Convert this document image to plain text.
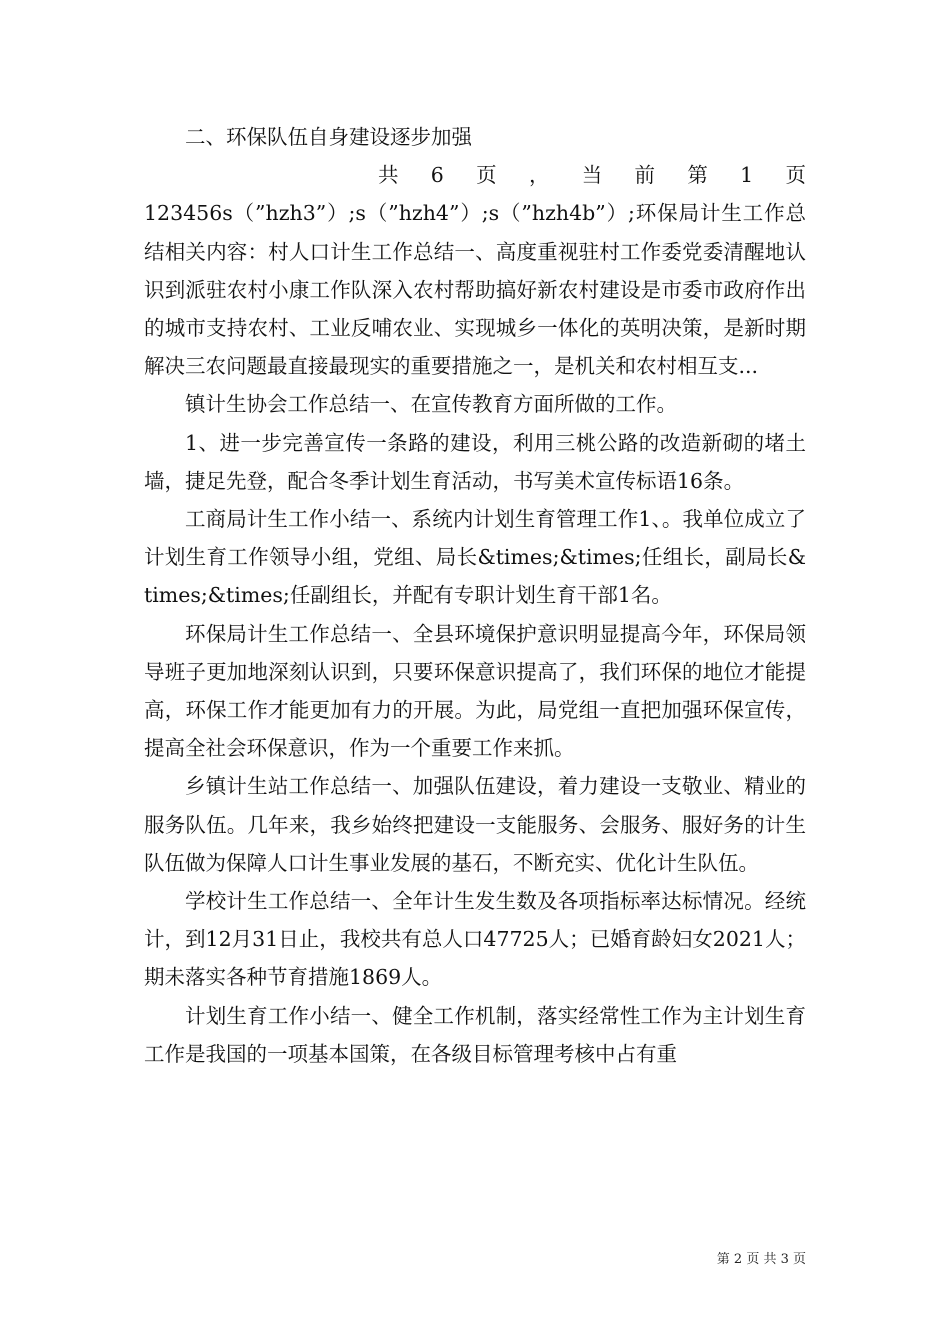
二、环保队伍自身建设逐步加强

共 6 页 ， 当 前 第 1 页

123456s（”hzh3”）;s（”hzh4”）;s（”hzh4b”）;环保局计生工作总结相关内容：村人口计生工作总结一、高度重视驻村工作委党委清醒地认识到派驻农村小康工作队深入农村帮助搞好新农村建设是市委市政府作出的城市支持农村、工业反哺农业、实现城乡一体化的英明决策，是新时期解决三农问题最直接最现实的重要措施之一，是机关和农村相互支...

镇计生协会工作总结一、在宣传教育方面所做的工作。

1、进一步完善宣传一条路的建设，利用三桃公路的改造新砌的堵土墙，捷足先登，配合冬季计划生育活动，书写美术宣传标语16条。

工商局计生工作小结一、系统内计划生育管理工作1、。我单位成立了计划生育工作领导小组，党组、局长&times;&times;任组长，副局长&times;&times;任副组长，并配有专职计划生育干部1名。

环保局计生工作总结一、全县环境保护意识明显提高今年，环保局领导班子更加地深刻认识到，只要环保意识提高了，我们环保的地位才能提高，环保工作才能更加有力的开展。为此，局党组一直把加强环保宣传，提高全社会环保意识，作为一个重要工作来抓。

乡镇计生站工作总结一、加强队伍建设，着力建设一支敬业、精业的服务队伍。几年来，我乡始终把建设一支能服务、会服务、服好务的计生队伍做为保障人口计生事业发展的基石，不断充实、优化计生队伍。

学校计生工作总结一、全年计生发生数及各项指标率达标情况。经统计，到12月31日止，我校共有总人口47725人；已婚育龄妇女2021人；期未落实各种节育措施1869人。

计划生育工作小结一、健全工作机制，落实经常性工作为主计划生育工作是我国的一项基本国策，在各级目标管理考核中占有重

第 2 页 共 3 页
